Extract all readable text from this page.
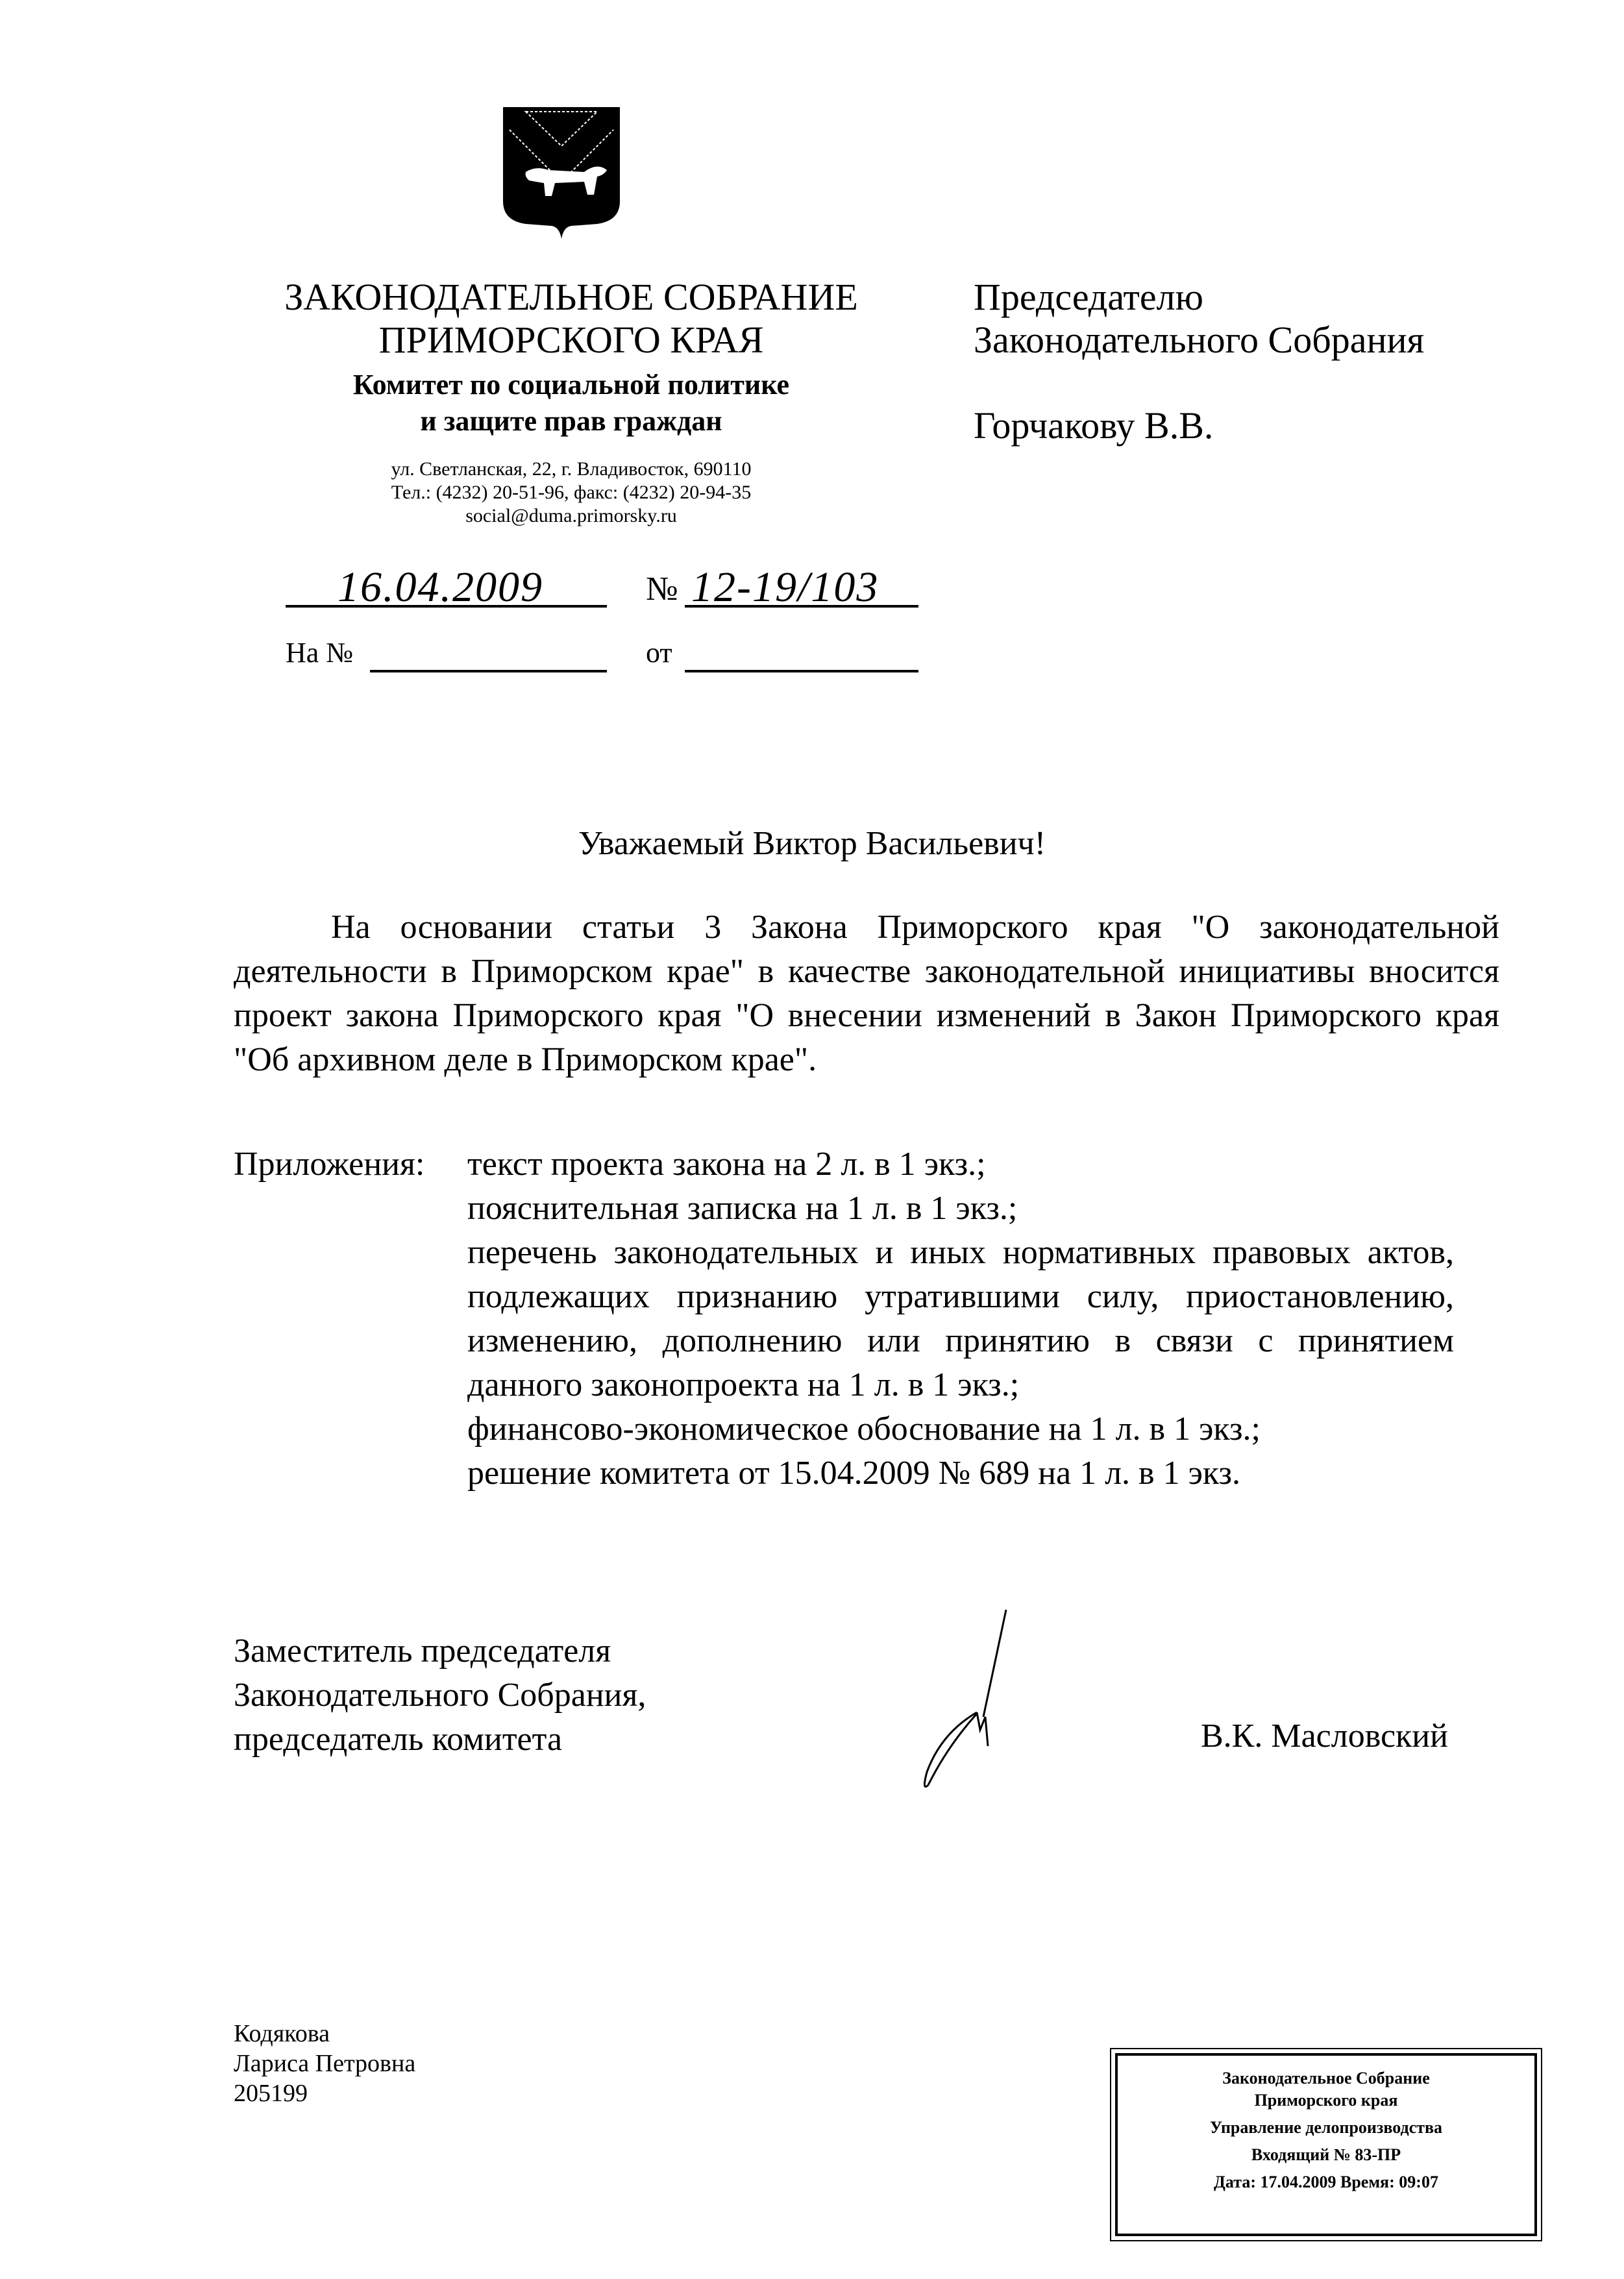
ЗАКОНОДАТЕЛЬНОЕ СОБРАНИЕ
ПРИМОРСКОГО КРАЯ
Комитет по социальной политике
и защите прав граждан
ул. Светланская, 22, г. Владивосток, 690110
Тел.: (4232) 20-51-96, факс: (4232) 20-94-35
social@duma.primorsky.ru
Председателю
Законодательного Собрания
Горчакову В.В.
16.04.2009	№ 12-19/103
На №	от
Уважаемый Виктор Васильевич!
На основании статьи 3 Закона Приморского края "О законодательной деятельности в Приморском крае" в качестве законодательной инициативы вносится проект закона Приморского края "О внесении изменений в Закон Приморского края "Об архивном деле в Приморском крае".
Приложения: текст проекта закона на 2 л. в 1 экз.;
пояснительная записка на 1 л. в 1 экз.;
перечень законодательных и иных нормативных правовых актов, подлежащих признанию утратившими силу, приостановлению, изменению, дополнению или принятию в связи с принятием данного законопроекта на 1 л. в 1 экз.;
финансово-экономическое обоснование на 1 л. в 1 экз.;
решение комитета от 15.04.2009 № 689 на 1 л. в 1 экз.
Заместитель председателя
Законодательного Собрания,
председатель комитета	В.К. Масловский
Кодякова
Лариса Петровна
205199
Законодательное Собрание
Приморского края
Управление делопроизводства
Входящий № 83-ПР
Дата: 17.04.2009 Время: 09:07
